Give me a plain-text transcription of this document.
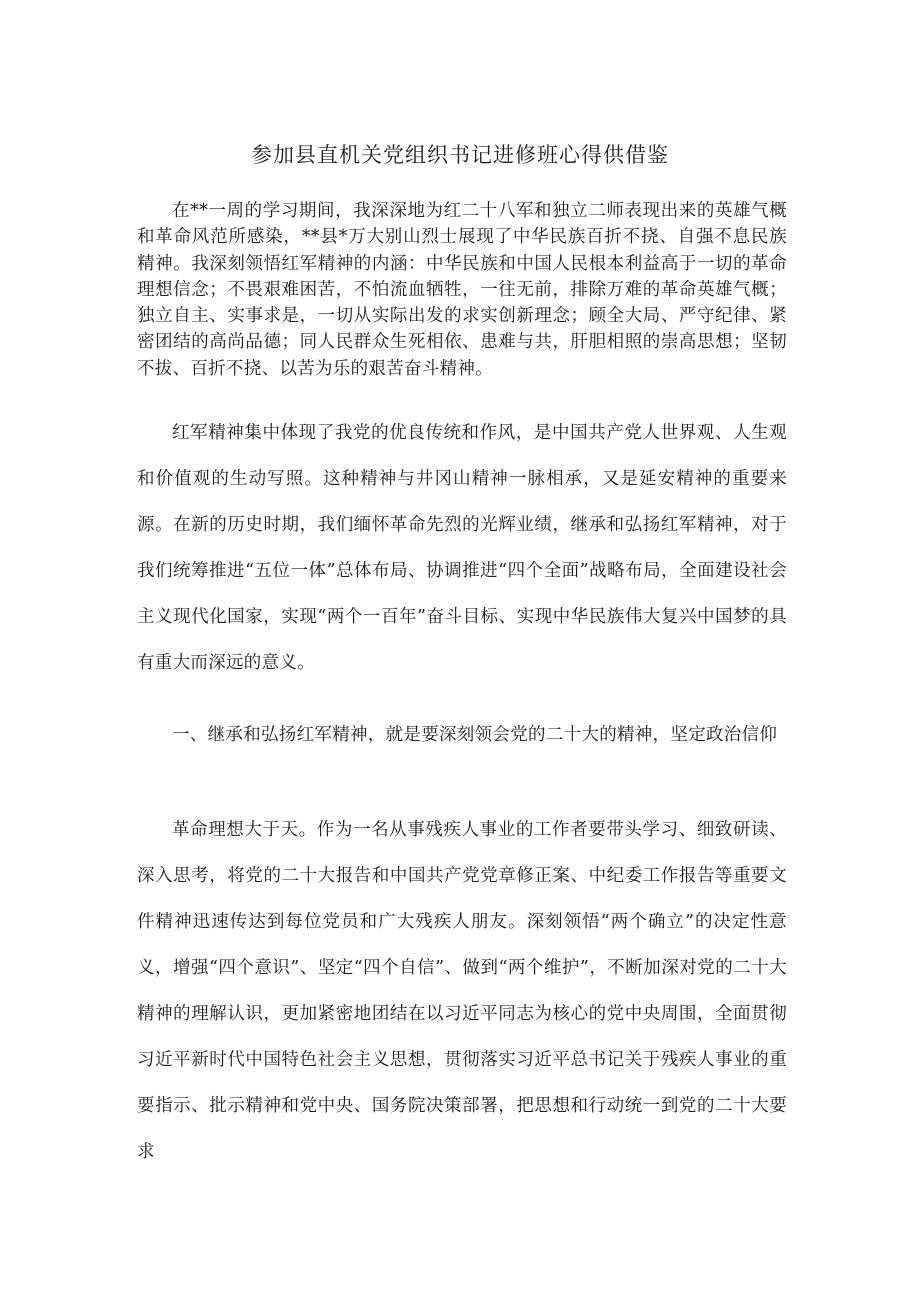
参加县直机关党组织书记进修班心得供借鉴

在**一周的学习期间，我深深地为红二十八军和独立二师表现出来的英雄气概和革命风范所感染，**县*万大别山烈士展现了中华民族百折不挠、自强不息民族精神。我深刻领悟红军精神的内涵：中华民族和中国人民根本利益高于一切的革命理想信念；不畏艰难困苦，不怕流血牺牲，一往无前，排除万难的革命英雄气概；独立自主、实事求是，一切从实际出发的求实创新理念；顾全大局、严守纪律、紧密团结的高尚品德；同人民群众生死相依、患难与共，肝胆相照的崇高思想；坚韧不拔、百折不挠、以苦为乐的艰苦奋斗精神。

红军精神集中体现了我党的优良传统和作风，是中国共产党人世界观、人生观和价值观的生动写照。这种精神与井冈山精神一脉相承，又是延安精神的重要来源。在新的历史时期，我们缅怀革命先烈的光辉业绩，继承和弘扬红军精神，对于我们统筹推进“五位一体”总体布局、协调推进“四个全面”战略布局，全面建设社会主义现代化国家，实现“两个一百年”奋斗目标、实现中华民族伟大复兴中国梦的具有重大而深远的意义。

一、继承和弘扬红军精神，就是要深刻领会党的二十大的精神，坚定政治信仰

革命理想大于天。作为一名从事残疾人事业的工作者要带头学习、细致研读、深入思考，将党的二十大报告和中国共产党党章修正案、中纪委工作报告等重要文件精神迅速传达到每位党员和广大残疾人朋友。深刻领悟“两个确立”的决定性意义，增强“四个意识”、坚定“四个自信”、做到“两个维护”，不断加深对党的二十大精神的理解认识，更加紧密地团结在以习近平同志为核心的党中央周围，全面贯彻习近平新时代中国特色社会主义思想，贯彻落实习近平总书记关于残疾人事业的重要指示、批示精神和党中央、国务院决策部署，把思想和行动统一到党的二十大要求
